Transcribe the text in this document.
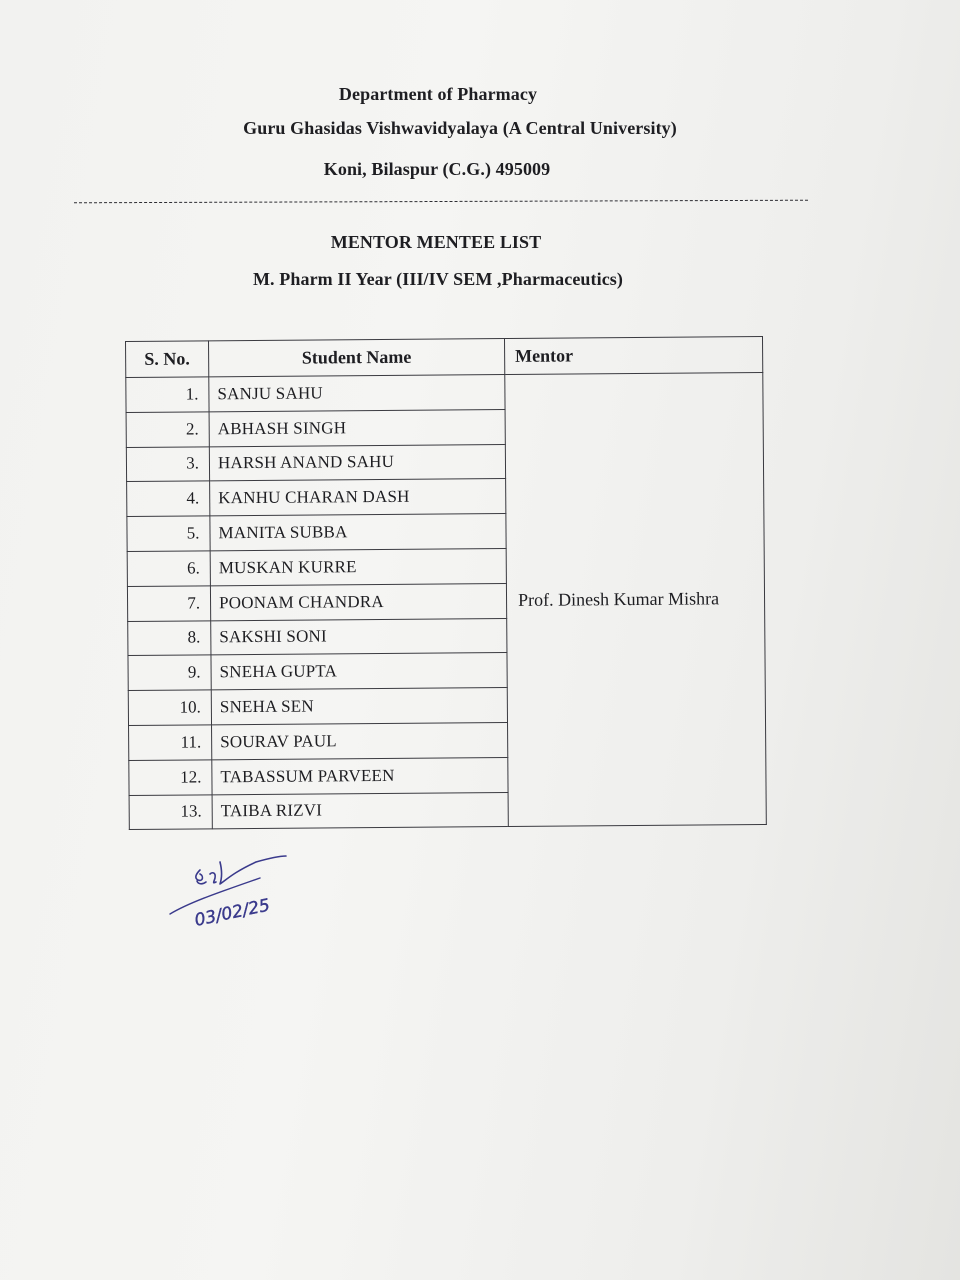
Department of Pharmacy
Guru Ghasidas Vishwavidyalaya (A Central University)
Koni, Bilaspur (C.G.) 495009
MENTOR MENTEE LIST
M. Pharm II Year (III/IV SEM ,Pharmaceutics)
S. No.	Student Name	Mentor
1.	SANJU SAHU	Prof. Dinesh Kumar Mishra
2.	ABHASH SINGH	
3.	HARSH ANAND SAHU	
4.	KANHU CHARAN DASH	
5.	MANITA SUBBA	
6.	MUSKAN KURRE	
7.	POONAM CHANDRA	
8.	SAKSHI SONI	
9.	SNEHA GUPTA	
10.	SNEHA SEN	
11.	SOURAV PAUL	
12.	TABASSUM PARVEEN	
13.	TAIBA RIZVI	
03/02/25
